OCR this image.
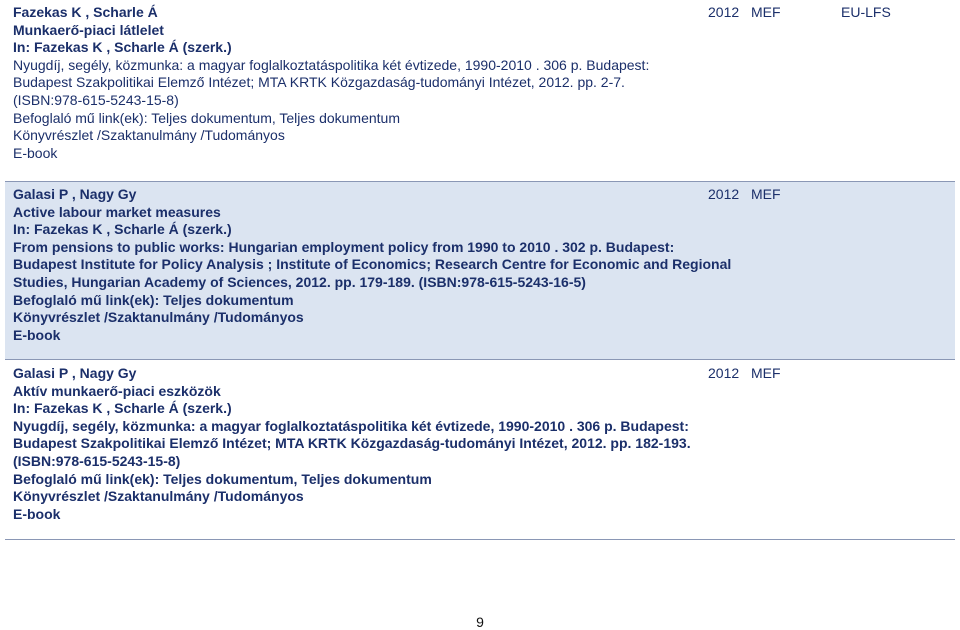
Fazekas K , Scharle Á
Munkaerő-piaci látlelet
In: Fazekas K , Scharle Á (szerk.)
Nyugdíj, segély, közmunka: a magyar foglalkoztatáspolitika két évtizede, 1990-2010 . 306 p. Budapest:
Budapest Szakpolitikai Elemző Intézet; MTA KRTK Közgazdaság-tudományi Intézet, 2012. pp. 2-7.
(ISBN:978-615-5243-15-8)
Befoglaló mű link(ek): Teljes dokumentum, Teljes dokumentum
Könyvrészlet /Szaktanulmány /Tudományos
E-book
2012 MEF	EU-LFS
Galasi P , Nagy Gy
Active labour market measures
In: Fazekas K , Scharle Á (szerk.)
From pensions to public works: Hungarian employment policy from 1990 to 2010 . 302 p. Budapest:
Budapest Institute for Policy Analysis ; Institute of Economics; Research Centre for Economic and Regional
Studies, Hungarian Academy of Sciences, 2012. pp. 179-189. (ISBN:978-615-5243-16-5)
Befoglaló mű link(ek): Teljes dokumentum
Könyvrészlet /Szaktanulmány /Tudományos
E-book
2012 MEF
Galasi P , Nagy Gy
Aktív munkaerő-piaci eszközök
In: Fazekas K , Scharle Á (szerk.)
Nyugdíj, segély, közmunka: a magyar foglalkoztatáspolitika két évtizede, 1990-2010 . 306 p. Budapest:
Budapest Szakpolitikai Elemző Intézet; MTA KRTK Közgazdaság-tudományi Intézet, 2012. pp. 182-193.
(ISBN:978-615-5243-15-8)
Befoglaló mű link(ek): Teljes dokumentum, Teljes dokumentum
Könyvrészlet /Szaktanulmány /Tudományos
E-book
2012 MEF
9
